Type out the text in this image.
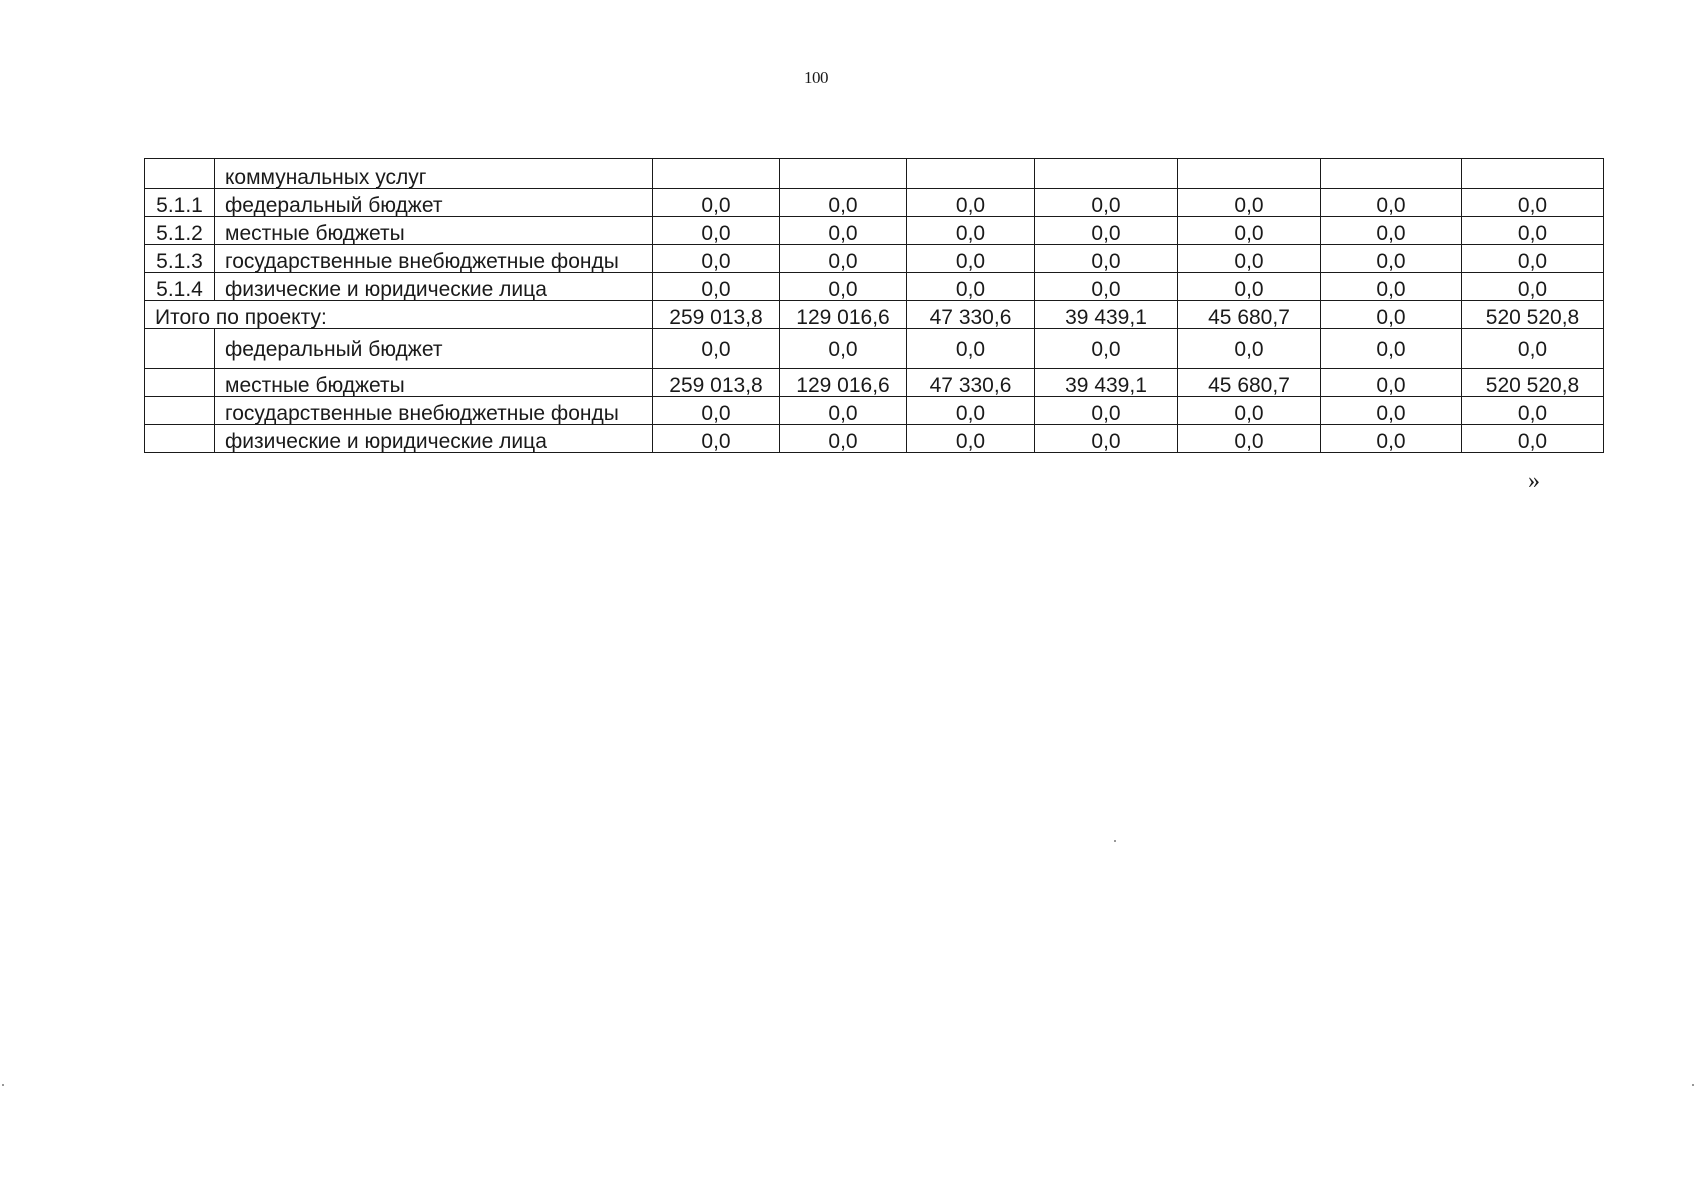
100
	коммунальных услуг							
5.1.1	федеральный бюджет	0,0	0,0	0,0	0,0	0,0	0,0	0,0
5.1.2	местные бюджеты	0,0	0,0	0,0	0,0	0,0	0,0	0,0
5.1.3	государственные внебюджетные фонды	0,0	0,0	0,0	0,0	0,0	0,0	0,0
5.1.4	физические и юридические лица	0,0	0,0	0,0	0,0	0,0	0,0	0,0
Итого по проекту:		259 013,8	129 016,6	47 330,6	39 439,1	45 680,7	0,0	520 520,8
	федеральный бюджет	0,0	0,0	0,0	0,0	0,0	0,0	0,0
	местные бюджеты	259 013,8	129 016,6	47 330,6	39 439,1	45 680,7	0,0	520 520,8
	государственные внебюджетные фонды	0,0	0,0	0,0	0,0	0,0	0,0	0,0
	физические и юридические лица	0,0	0,0	0,0	0,0	0,0	0,0	0,0
»
